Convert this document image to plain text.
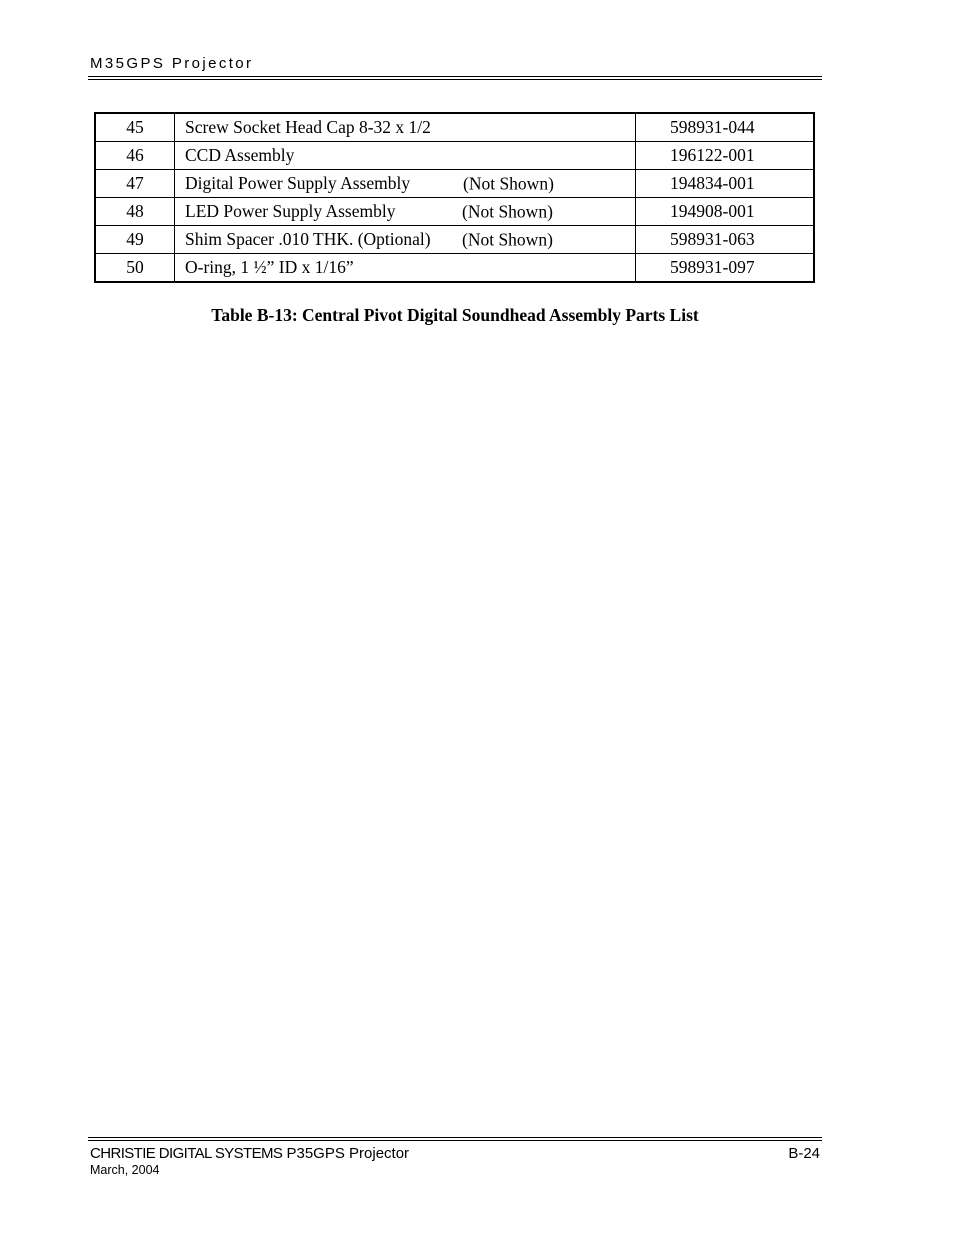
M35GPS Projector
45	Screw Socket Head Cap 8-32 x 1/2	598931-044
46	CCD Assembly	196122-001
47	Digital Power Supply Assembly (Not Shown)	194834-001
48	LED Power Supply Assembly (Not Shown)	194908-001
49	Shim Spacer .010 THK. (Optional) (Not Shown)	598931-063
50	O-ring, 1 ½” ID x 1/16”	598931-097
Table B-13: Central Pivot Digital Soundhead Assembly Parts List
CHRISTIE DIGITAL SYSTEMS P35GPS Projector
March, 2004
B-24
